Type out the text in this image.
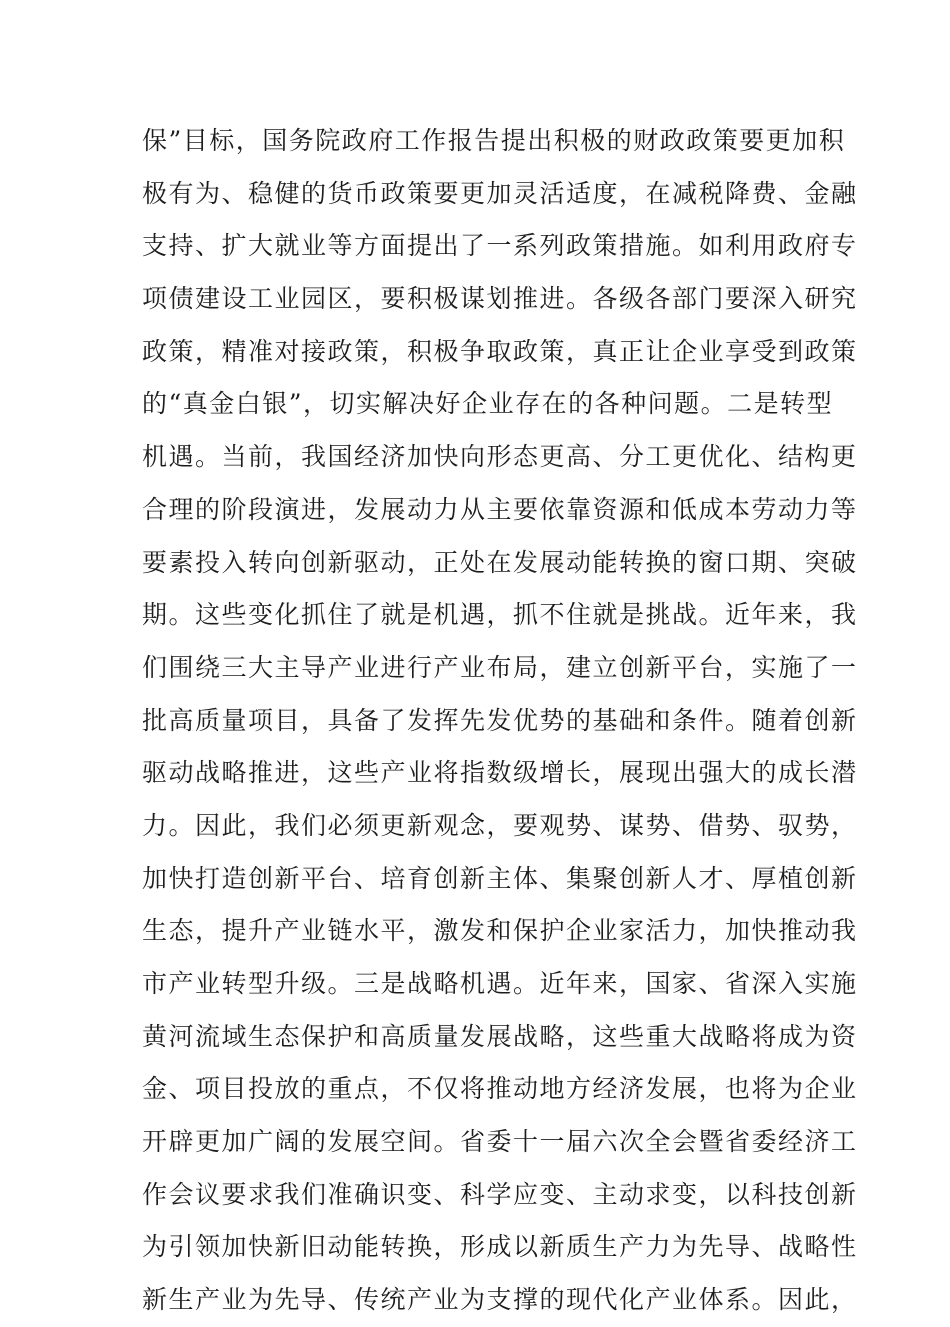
保”目标，国务院政府工作报告提出积极的财政政策要更加积
极有为、稳健的货币政策要更加灵活适度，在减税降费、金融
支持、扩大就业等方面提出了一系列政策措施。如利用政府专
项债建设工业园区，要积极谋划推进。各级各部门要深入研究
政策，精准对接政策，积极争取政策，真正让企业享受到政策
的“真金白银”，切实解决好企业存在的各种问题。二是转型
机遇。当前，我国经济加快向形态更高、分工更优化、结构更
合理的阶段演进，发展动力从主要依靠资源和低成本劳动力等
要素投入转向创新驱动，正处在发展动能转换的窗口期、突破
期。这些变化抓住了就是机遇，抓不住就是挑战。近年来，我
们围绕三大主导产业进行产业布局，建立创新平台，实施了一
批高质量项目，具备了发挥先发优势的基础和条件。随着创新
驱动战略推进，这些产业将指数级增长，展现出强大的成长潜
力。因此，我们必须更新观念，要观势、谋势、借势、驭势，
加快打造创新平台、培育创新主体、集聚创新人才、厚植创新
生态，提升产业链水平，激发和保护企业家活力，加快推动我
市产业转型升级。三是战略机遇。近年来，国家、省深入实施
黄河流域生态保护和高质量发展战略，这些重大战略将成为资
金、项目投放的重点，不仅将推动地方经济发展，也将为企业
开辟更加广阔的发展空间。省委十一届六次全会暨省委经济工
作会议要求我们准确识变、科学应变、主动求变，以科技创新
为引领加快新旧动能转换，形成以新质生产力为先导、战略性
新生产业为先导、传统产业为支撑的现代化产业体系。因此，
